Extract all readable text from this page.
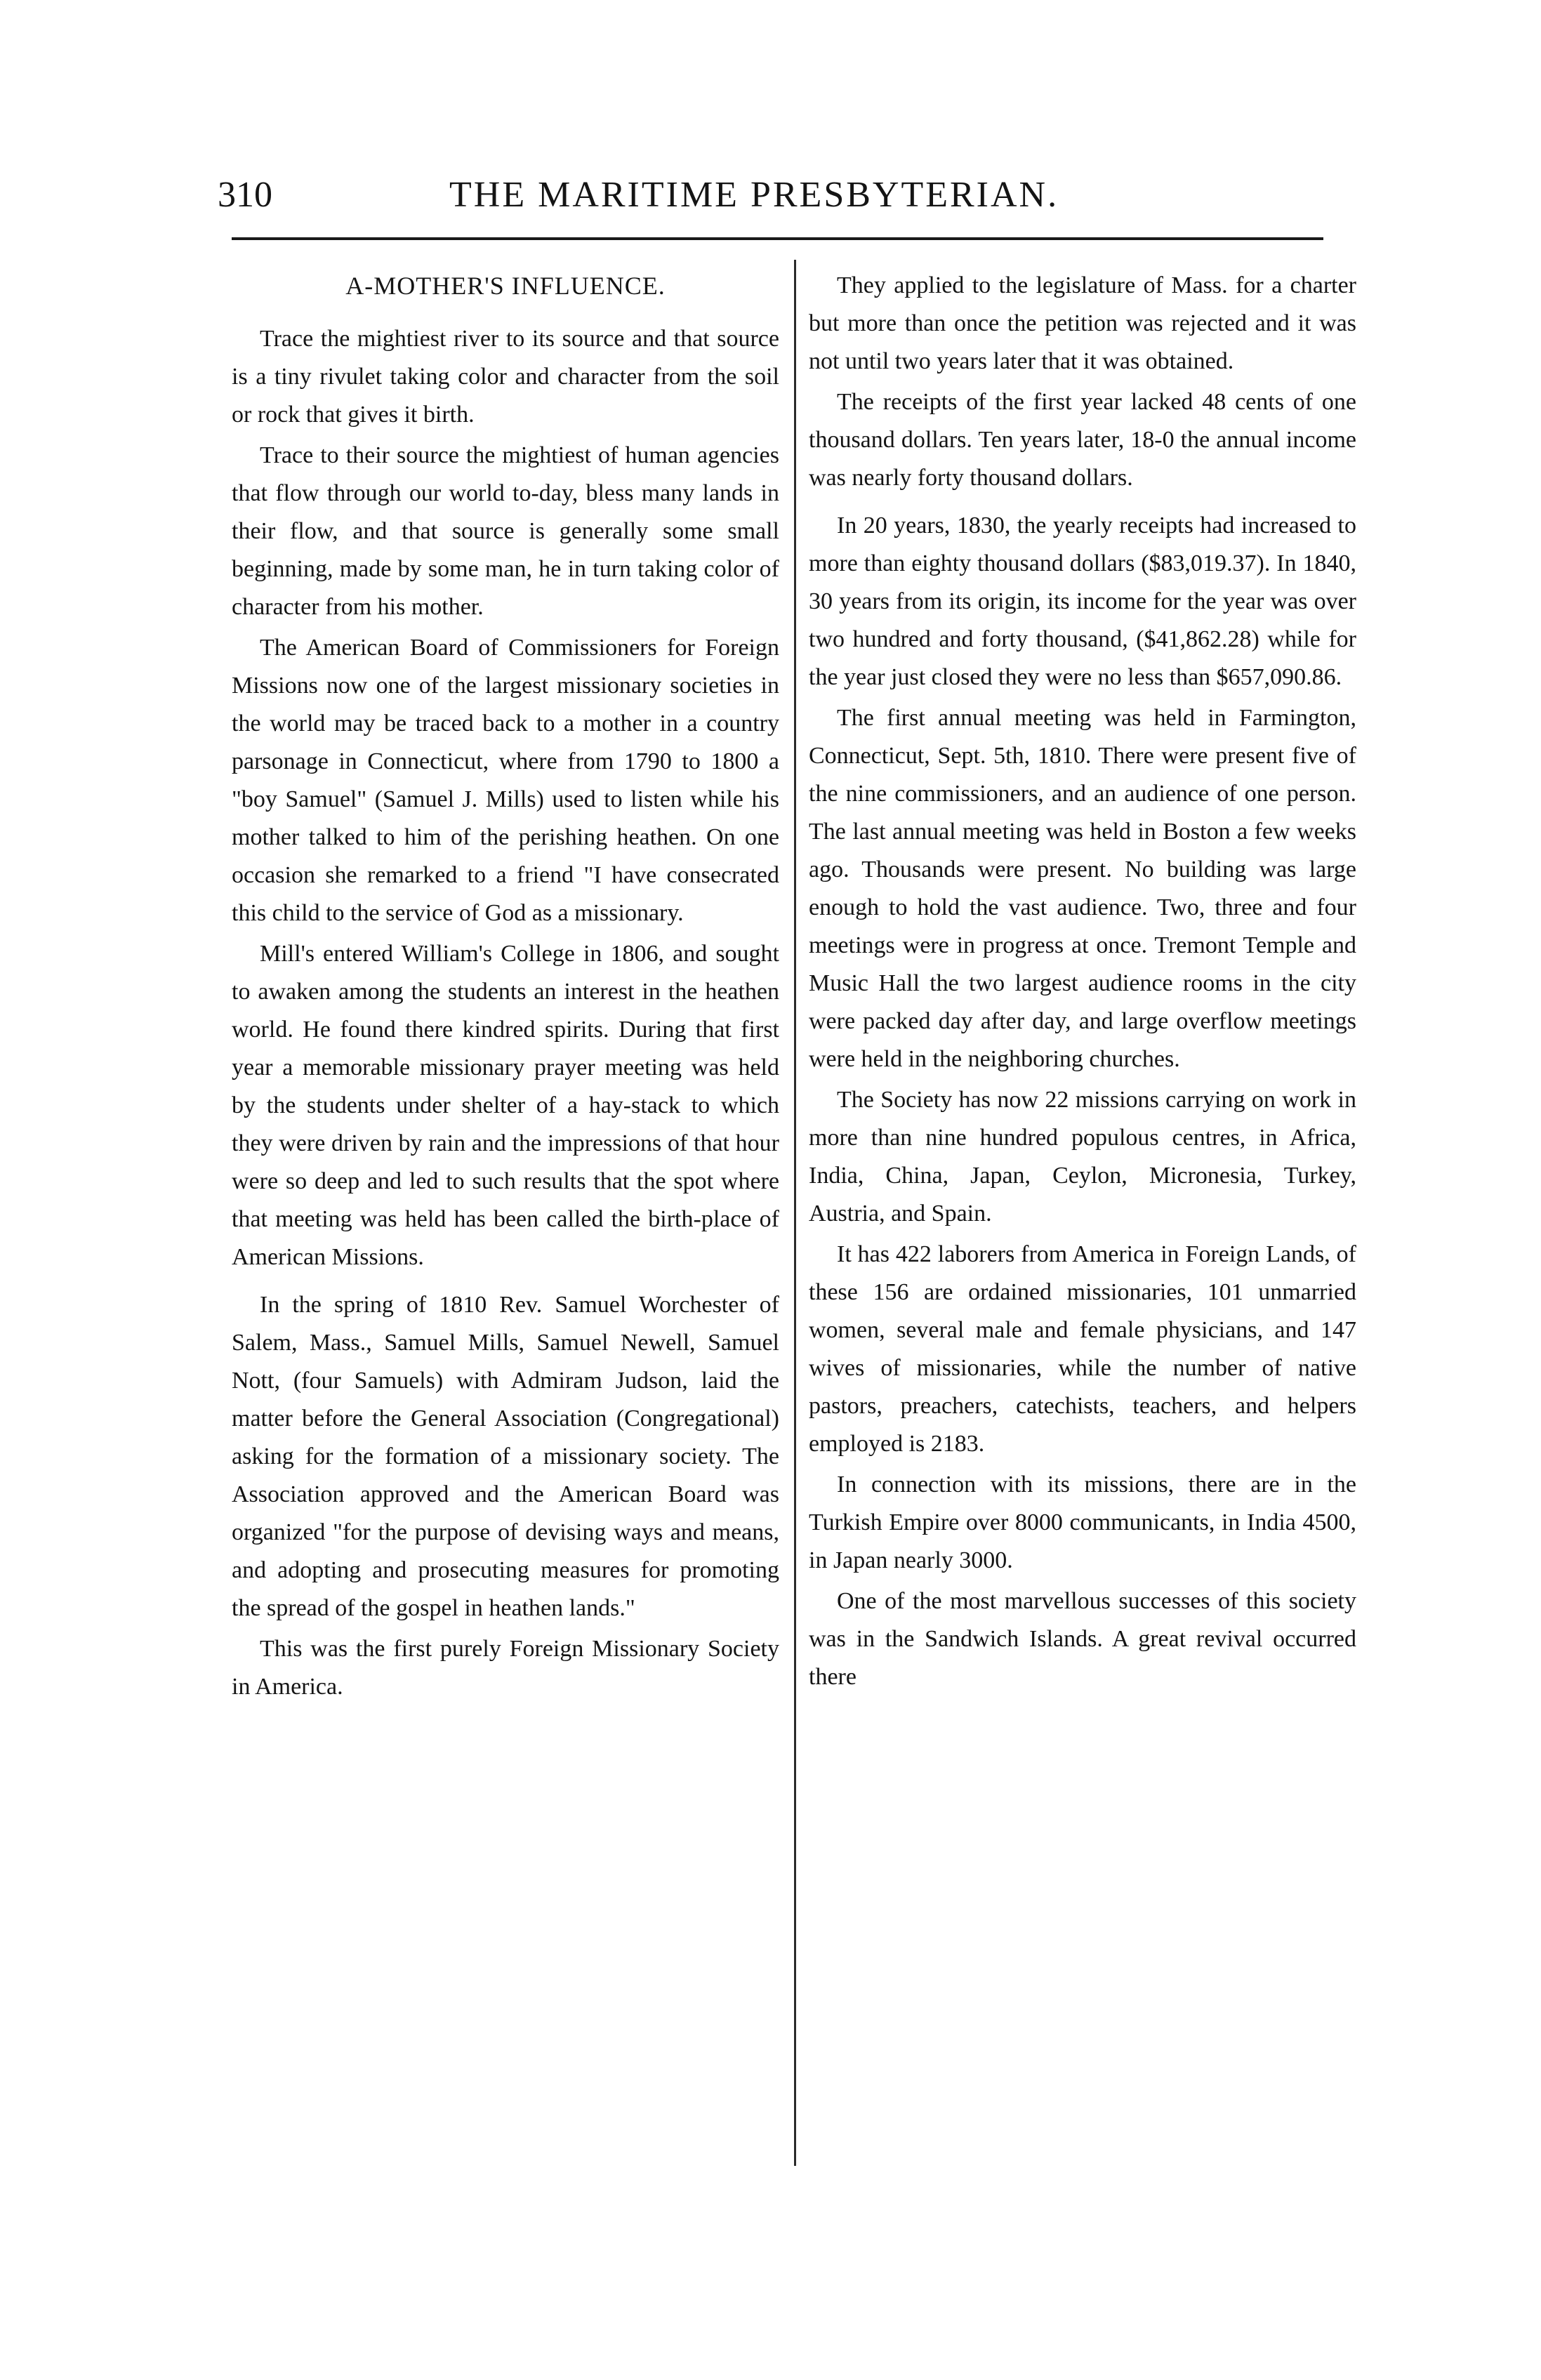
310	THE MARITIME PRESBYTERIAN.
A-MOTHER'S INFLUENCE.

Trace the mightiest river to its source and that source is a tiny rivulet taking color and character from the soil or rock that gives it birth.

Trace to their source the mightiest of human agencies that flow through our world to-day, bless many lands in their flow, and that source is generally some small beginning, made by some man, he in turn taking color of character from his mother.

The American Board of Commissioners for Foreign Missions now one of the largest missionary societies in the world may be traced back to a mother in a country parsonage in Connecticut, where from 1790 to 1800 a "boy Samuel" (Samuel J. Mills) used to listen while his mother talked to him of the perishing heathen. On one occasion she remarked to a friend "I have consecrated this child to the service of God as a missionary.

Mill's entered William's College in 1806, and sought to awaken among the students an interest in the heathen world. He found there kindred spirits. During that first year a memorable missionary prayer meeting was held by the students under shelter of a hay-stack to which they were driven by rain and the impressions of that hour were so deep and led to such results that the spot where that meeting was held has been called the birth-place of American Missions.

In the spring of 1810 Rev. Samuel Worchester of Salem, Mass., Samuel Mills, Samuel Newell, Samuel Nott, (four Samuels) with Admiram Judson, laid the matter before the General Association (Congregational) asking for the formation of a missionary society. The Association approved and the American Board was organized "for the purpose of devising ways and means, and adopting and prosecuting measures for promoting the spread of the gospel in heathen lands."

This was the first purely Foreign Missionary Society in America.

They applied to the legislature of Mass. for a charter but more than once the petition was rejected and it was not until two years later that it was obtained.

The receipts of the first year lacked 48 cents of one thousand dollars. Ten years later, 18-0 the annual income was nearly forty thousand dollars.

In 20 years, 1830, the yearly receipts had increased to more than eighty thousand dollars ($83,019.37). In 1840, 30 years from its origin, its income for the year was over two hundred and forty thousand, ($41,862.28) while for the year just closed they were no less than $657,090.86.

The first annual meeting was held in Farmington, Connecticut, Sept. 5th, 1810. There were present five of the nine commissioners, and an audience of one person. The last annual meeting was held in Boston a few weeks ago. Thousands were present. No building was large enough to hold the vast audience. Two, three and four meetings were in progress at once. Tremont Temple and Music Hall the two largest audience rooms in the city were packed day after day, and large overflow meetings were held in the neighboring churches.

The Society has now 22 missions carrying on work in more than nine hundred populous centres, in Africa, India, China, Japan, Ceylon, Micronesia, Turkey, Austria, and Spain.

It has 422 laborers from America in Foreign Lands, of these 156 are ordained missionaries, 101 unmarried women, several male and female physicians, and 147 wives of missionaries, while the number of native pastors, preachers, catechists, teachers, and helpers employed is 2183.

In connection with its missions, there are in the Turkish Empire over 8000 communicants, in India 4500, in Japan nearly 3000.

One of the most marvellous successes of this society was in the Sandwich Islands. A great revival occurred there
